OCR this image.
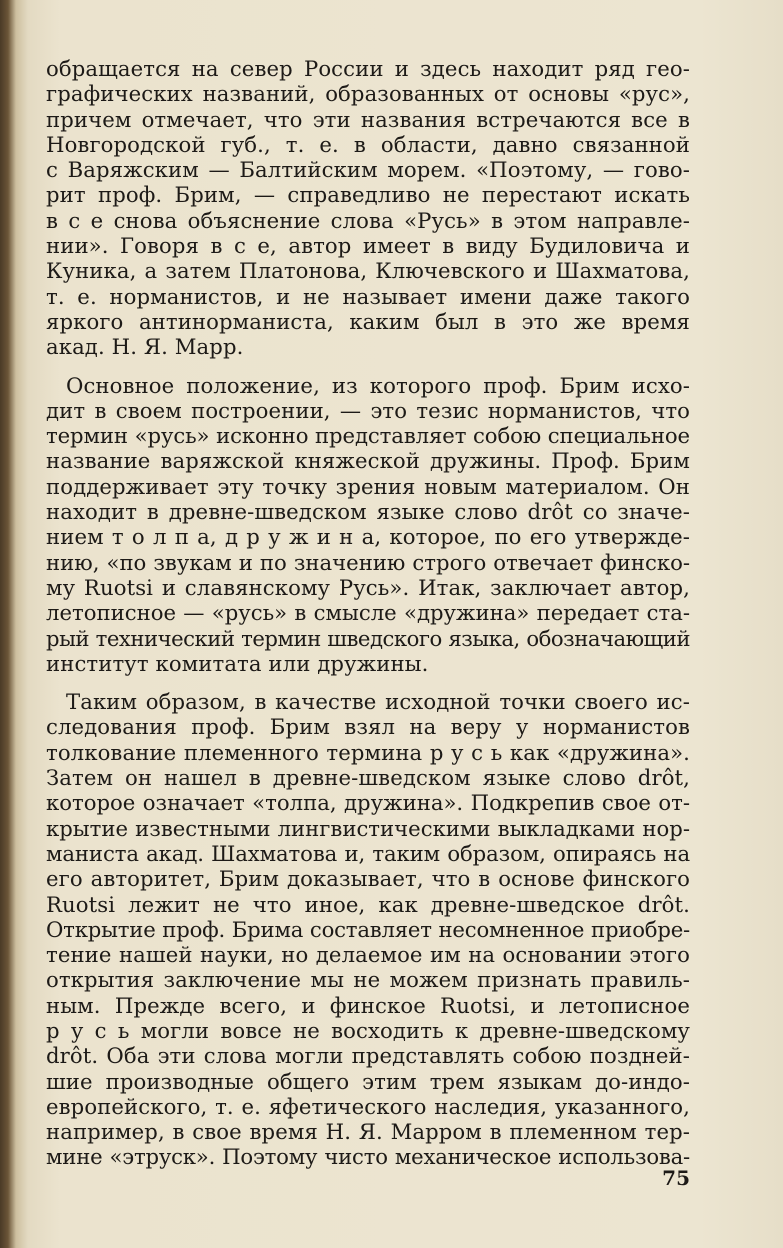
обращается на север России и здесь находит ряд гео-
графических названий, образованных от основы «рус»,
причем отмечает, что эти названия встречаются все в
Новгородской губ., т. е. в области, давно связанной
с Варяжским — Балтийским морем. «Поэтому, — гово-
рит проф. Брим, — справедливо не перестают искать
в с е снова объяснение слова «Русь» в этом направле-
нии». Говоря в с е, автор имеет в виду Будиловича и
Куника, а затем Платонова, Ключевского и Шахматова,
т. е. норманистов, и не называет имени даже такого
яркого антинорманиста, каким был в это же время
акад. Н. Я. Марр.
Основное положение, из которого проф. Брим исхо-
дит в своем построении, — это тезис норманистов, что
термин «русь» исконно представляет собою специальное
название варяжской княжеской дружины. Проф. Брим
поддерживает эту точку зрения новым материалом. Он
находит в древне-шведском языке слово drôt со значе-
нием т о л п а, д р у ж и н а, которое, по его утвержде-
нию, «по звукам и по значению строго отвечает финско-
му Ruotsi и славянскому Русь». Итак, заключает автор,
летописное — «русь» в смысле «дружина» передает ста-
рый технический термин шведского языка, обозначающий
институт комитата или дружины.
Таким образом, в качестве исходной точки своего ис-
следования проф. Брим взял на веру у норманистов
толкование племенного термина р у с ь как «дружина».
Затем он нашел в древне-шведском языке слово drôt,
которое означает «толпа, дружина». Подкрепив свое от-
крытие известными лингвистическими выкладками нор-
маниста акад. Шахматова и, таким образом, опираясь на
его авторитет, Брим доказывает, что в основе финского
Ruotsi лежит не что иное, как древне-шведское drôt.
Открытие проф. Брима составляет несомненное приобре-
тение нашей науки, но делаемое им на основании этого
открытия заключение мы не можем признать правиль-
ным. Прежде всего, и финское Ruotsi, и летописное
р у с ь могли вовсе не восходить к древне-шведскому
drôt. Оба эти слова могли представлять собою поздней-
шие производные общего этим трем языкам до-индо-
европейского, т. е. яфетического наследия, указанного,
например, в свое время Н. Я. Марром в племенном тер-
мине «этруск». Поэтому чисто механическое использова-
75
